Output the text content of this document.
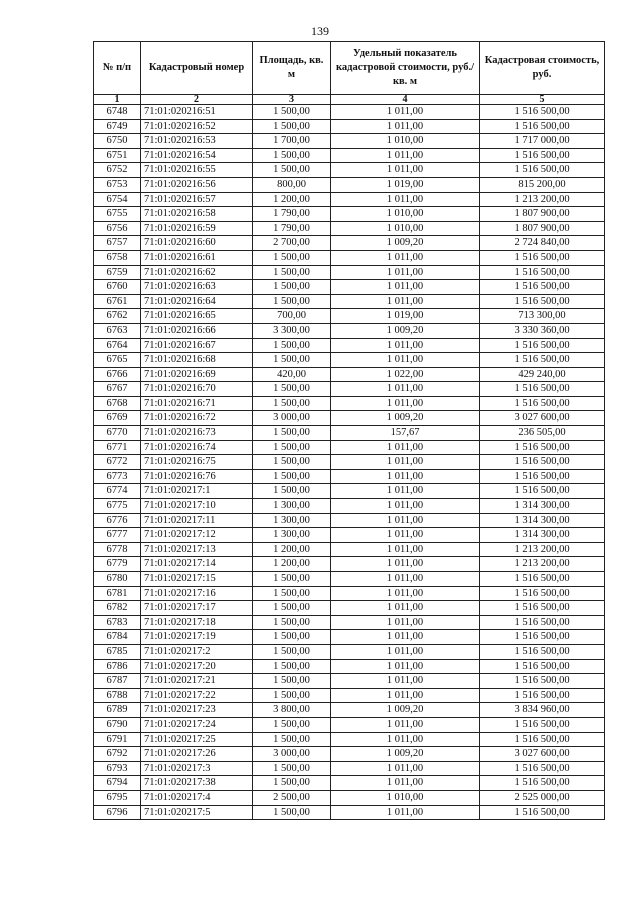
139
№ п/п	Кадастровый номер	Площадь, кв. м	Удельный показатель кадастровой стоимости, руб./кв. м	Кадастровая стоимость, руб.
1	2	3	4	5
6748	71:01:020216:51	1 500,00	1 011,00	1 516 500,00
6749	71:01:020216:52	1 500,00	1 011,00	1 516 500,00
6750	71:01:020216:53	1 700,00	1 010,00	1 717 000,00
6751	71:01:020216:54	1 500,00	1 011,00	1 516 500,00
6752	71:01:020216:55	1 500,00	1 011,00	1 516 500,00
6753	71:01:020216:56	800,00	1 019,00	815 200,00
6754	71:01:020216:57	1 200,00	1 011,00	1 213 200,00
6755	71:01:020216:58	1 790,00	1 010,00	1 807 900,00
6756	71:01:020216:59	1 790,00	1 010,00	1 807 900,00
6757	71:01:020216:60	2 700,00	1 009,20	2 724 840,00
6758	71:01:020216:61	1 500,00	1 011,00	1 516 500,00
6759	71:01:020216:62	1 500,00	1 011,00	1 516 500,00
6760	71:01:020216:63	1 500,00	1 011,00	1 516 500,00
6761	71:01:020216:64	1 500,00	1 011,00	1 516 500,00
6762	71:01:020216:65	700,00	1 019,00	713 300,00
6763	71:01:020216:66	3 300,00	1 009,20	3 330 360,00
6764	71:01:020216:67	1 500,00	1 011,00	1 516 500,00
6765	71:01:020216:68	1 500,00	1 011,00	1 516 500,00
6766	71:01:020216:69	420,00	1 022,00	429 240,00
6767	71:01:020216:70	1 500,00	1 011,00	1 516 500,00
6768	71:01:020216:71	1 500,00	1 011,00	1 516 500,00
6769	71:01:020216:72	3 000,00	1 009,20	3 027 600,00
6770	71:01:020216:73	1 500,00	157,67	236 505,00
6771	71:01:020216:74	1 500,00	1 011,00	1 516 500,00
6772	71:01:020216:75	1 500,00	1 011,00	1 516 500,00
6773	71:01:020216:76	1 500,00	1 011,00	1 516 500,00
6774	71:01:020217:1	1 500,00	1 011,00	1 516 500,00
6775	71:01:020217:10	1 300,00	1 011,00	1 314 300,00
6776	71:01:020217:11	1 300,00	1 011,00	1 314 300,00
6777	71:01:020217:12	1 300,00	1 011,00	1 314 300,00
6778	71:01:020217:13	1 200,00	1 011,00	1 213 200,00
6779	71:01:020217:14	1 200,00	1 011,00	1 213 200,00
6780	71:01:020217:15	1 500,00	1 011,00	1 516 500,00
6781	71:01:020217:16	1 500,00	1 011,00	1 516 500,00
6782	71:01:020217:17	1 500,00	1 011,00	1 516 500,00
6783	71:01:020217:18	1 500,00	1 011,00	1 516 500,00
6784	71:01:020217:19	1 500,00	1 011,00	1 516 500,00
6785	71:01:020217:2	1 500,00	1 011,00	1 516 500,00
6786	71:01:020217:20	1 500,00	1 011,00	1 516 500,00
6787	71:01:020217:21	1 500,00	1 011,00	1 516 500,00
6788	71:01:020217:22	1 500,00	1 011,00	1 516 500,00
6789	71:01:020217:23	3 800,00	1 009,20	3 834 960,00
6790	71:01:020217:24	1 500,00	1 011,00	1 516 500,00
6791	71:01:020217:25	1 500,00	1 011,00	1 516 500,00
6792	71:01:020217:26	3 000,00	1 009,20	3 027 600,00
6793	71:01:020217:3	1 500,00	1 011,00	1 516 500,00
6794	71:01:020217:38	1 500,00	1 011,00	1 516 500,00
6795	71:01:020217:4	2 500,00	1 010,00	2 525 000,00
6796	71:01:020217:5	1 500,00	1 011,00	1 516 500,00
